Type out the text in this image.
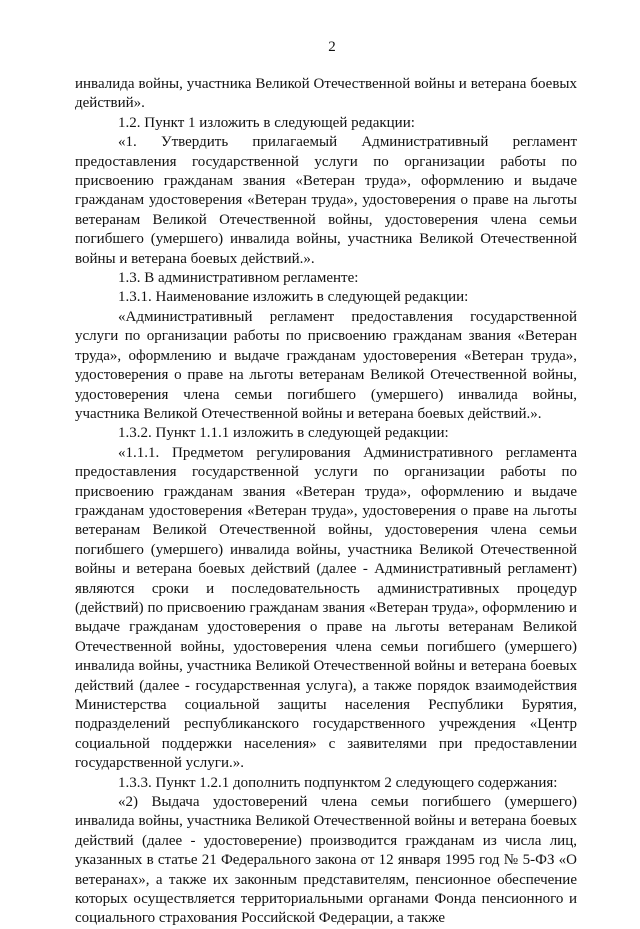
2

инвалида войны, участника Великой Отечественной войны и ветерана боевых действий».

1.2. Пункт 1 изложить в следующей редакции:

«1. Утвердить прилагаемый Административный регламент предоставления государственной услуги по организации работы по присвоению гражданам звания «Ветеран труда», оформлению и выдаче гражданам удостоверения «Ветеран труда», удостоверения о праве на льготы ветеранам Великой Отечественной войны, удостоверения члена семьи погибшего (умершего) инвалида войны, участника Великой Отечественной войны и ветерана боевых действий.».

1.3. В административном регламенте:

1.3.1. Наименование изложить в следующей редакции:

«Административный регламент предоставления государственной услуги по организации работы по присвоению гражданам звания «Ветеран труда», оформлению и выдаче гражданам удостоверения «Ветеран труда», удостоверения о праве на льготы ветеранам Великой Отечественной войны, удостоверения члена семьи погибшего (умершего) инвалида войны, участника Великой Отечественной войны и ветерана боевых действий.».

1.3.2. Пункт 1.1.1 изложить в следующей редакции:

«1.1.1. Предметом регулирования Административного регламента предоставления государственной услуги по организации работы по присвоению гражданам звания «Ветеран труда», оформлению и выдаче гражданам удостоверения «Ветеран труда», удостоверения о праве на льготы ветеранам Великой Отечественной войны, удостоверения члена семьи погибшего (умершего) инвалида войны, участника Великой Отечественной войны и ветерана боевых действий (далее - Административный регламент) являются сроки и последовательность административных процедур (действий) по присвоению гражданам звания «Ветеран труда», оформлению и выдаче гражданам удостоверения о праве на льготы ветеранам Великой Отечественной войны, удостоверения члена семьи погибшего (умершего) инвалида войны, участника Великой Отечественной войны и ветерана боевых действий (далее - государственная услуга), а также порядок взаимодействия Министерства социальной защиты населения Республики Бурятия, подразделений республиканского государственного учреждения «Центр социальной поддержки населения» с заявителями при предоставлении государственной услуги.».

1.3.3. Пункт 1.2.1 дополнить подпунктом 2 следующего содержания:

«2) Выдача удостоверений члена семьи погибшего (умершего) инвалида войны, участника Великой Отечественной войны и ветерана боевых действий (далее - удостоверение) производится гражданам из числа лиц, указанных в статье 21 Федерального закона от 12 января 1995 год № 5-ФЗ «О ветеранах», а также их законным представителям, пенсионное обеспечение которых осуществляется территориальными органами Фонда пенсионного и социального страхования Российской Федерации, а также
